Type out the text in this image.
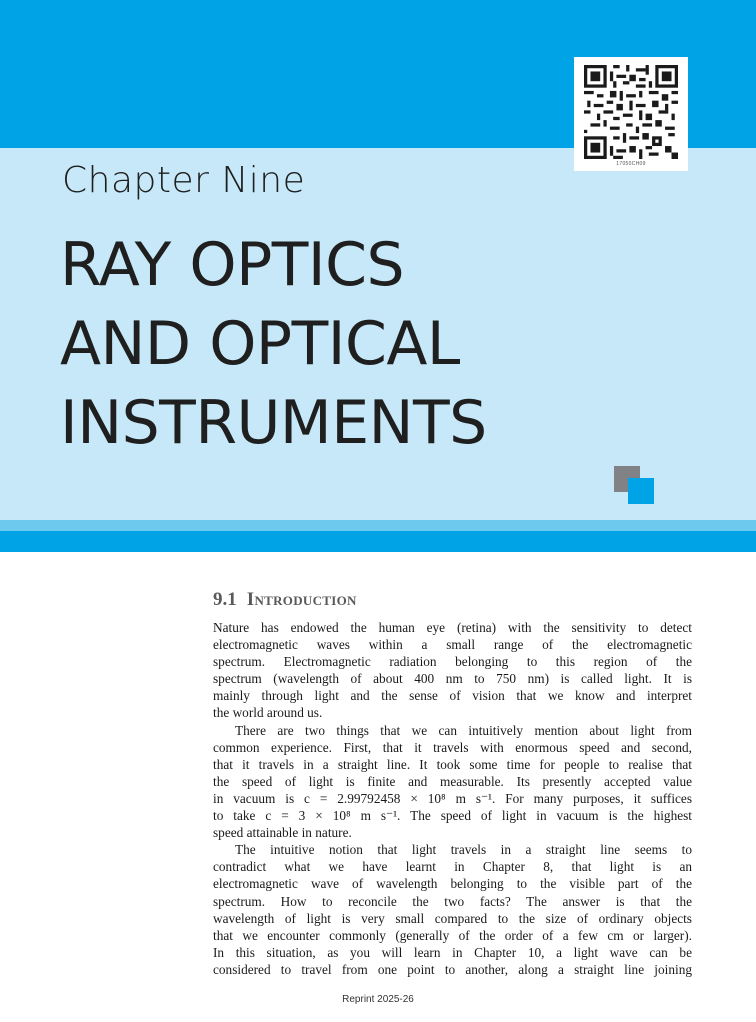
17050CH09
Chapter Nine
RAY OPTICS
AND OPTICAL
INSTRUMENTS
9.1 Introduction

Nature has endowed the human eye (retina) with the sensitivity to detect

electromagnetic waves within a small range of the electromagnetic

spectrum. Electromagnetic radiation belonging to this region of the

spectrum (wavelength of about 400 nm to 750 nm) is called light. It is

mainly through light and the sense of vision that we know and interpret

the world around us.

There are two things that we can intuitively mention about light from

common experience. First, that it travels with enormous speed and second,

that it travels in a straight line. It took some time for people to realise that

the speed of light is finite and measurable. Its presently accepted value

in vacuum is c = 2.99792458 × 10⁸ m s⁻¹. For many purposes, it suffices

to take c = 3 × 10⁸ m s⁻¹. The speed of light in vacuum is the highest

speed attainable in nature.

The intuitive notion that light travels in a straight line seems to

contradict what we have learnt in Chapter 8, that light is an

electromagnetic wave of wavelength belonging to the visible part of the

spectrum. How to reconcile the two facts? The answer is that the

wavelength of light is very small compared to the size of ordinary objects

that we encounter commonly (generally of the order of a few cm or larger).

In this situation, as you will learn in Chapter 10, a light wave can be

considered to travel from one point to another, along a straight line joining

Reprint 2025-26
